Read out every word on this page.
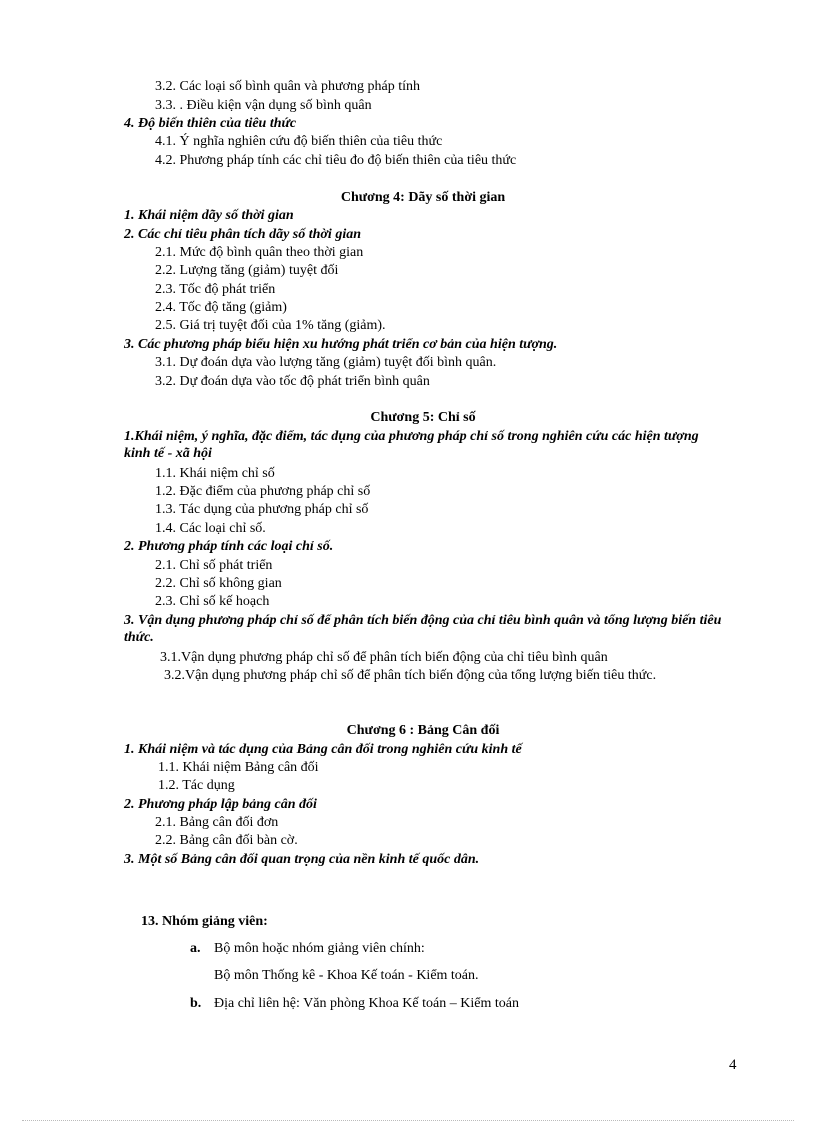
3.2. Các loại số bình quân và phương pháp tính
3.3. . Điều kiện vận dụng số bình quân
4. Độ biến thiên của tiêu thức
4.1. Ý nghĩa nghiên cứu độ biến thiên của tiêu thức
4.2. Phương pháp tính các chỉ tiêu đo độ biến thiên của tiêu thức
Chương 4: Dãy số thời gian
1. Khái niệm dãy số thời gian
2. Các chỉ tiêu phân tích dãy số thời gian
2.1. Mức độ bình quân theo thời gian
2.2. Lượng tăng (giảm) tuyệt đối
2.3. Tốc độ phát triển
2.4. Tốc độ tăng (giảm)
2.5. Giá trị tuyệt đối của 1% tăng (giảm).
3. Các phương pháp biểu hiện xu hướng phát triển cơ bản của hiện tượng.
3.1. Dự đoán dựa vào lượng tăng (giảm) tuyệt đối bình quân.
3.2. Dự đoán dựa vào tốc độ phát triển bình quân
Chương 5: Chỉ số
1.Khái niệm, ý nghĩa, đặc điểm, tác dụng của phương pháp chỉ số trong nghiên cứu các hiện tượng kinh tế - xã hội
1.1. Khái niệm chỉ số
1.2. Đặc điểm của phương pháp chỉ số
1.3. Tác dụng của phương pháp chỉ số
1.4. Các loại chỉ số.
2. Phương pháp tính các loại chỉ số.
2.1. Chỉ số phát triển
2.2. Chỉ số không gian
2.3. Chỉ số kế hoạch
3. Vận dụng phương pháp chỉ số để phân tích biến động của chỉ tiêu bình quân và tổng lượng biến tiêu thức.
3.1.Vận dụng phương pháp chỉ số để phân tích biến động của chỉ tiêu bình quân
3.2.Vận dụng phương pháp chỉ số để phân tích biến động của tổng lượng biến tiêu thức.
Chương 6 : Bảng Cân đối
1. Khái niệm và tác dụng của Bảng cân đối trong nghiên cứu kinh tế
1.1. Khái niệm Bảng cân đối
1.2. Tác dụng
2. Phương pháp lập bảng cân đối
2.1. Bảng cân đối đơn
2.2. Bảng cân đối bàn cờ.
3. Một số Bảng cân đối quan trọng của nền kinh tế quốc dân.
13. Nhóm giảng viên:
a. Bộ môn hoặc nhóm giảng viên chính:
Bộ môn Thống kê - Khoa Kế toán - Kiểm toán.
b. Địa chỉ liên hệ: Văn phòng Khoa Kế toán – Kiểm toán
4
